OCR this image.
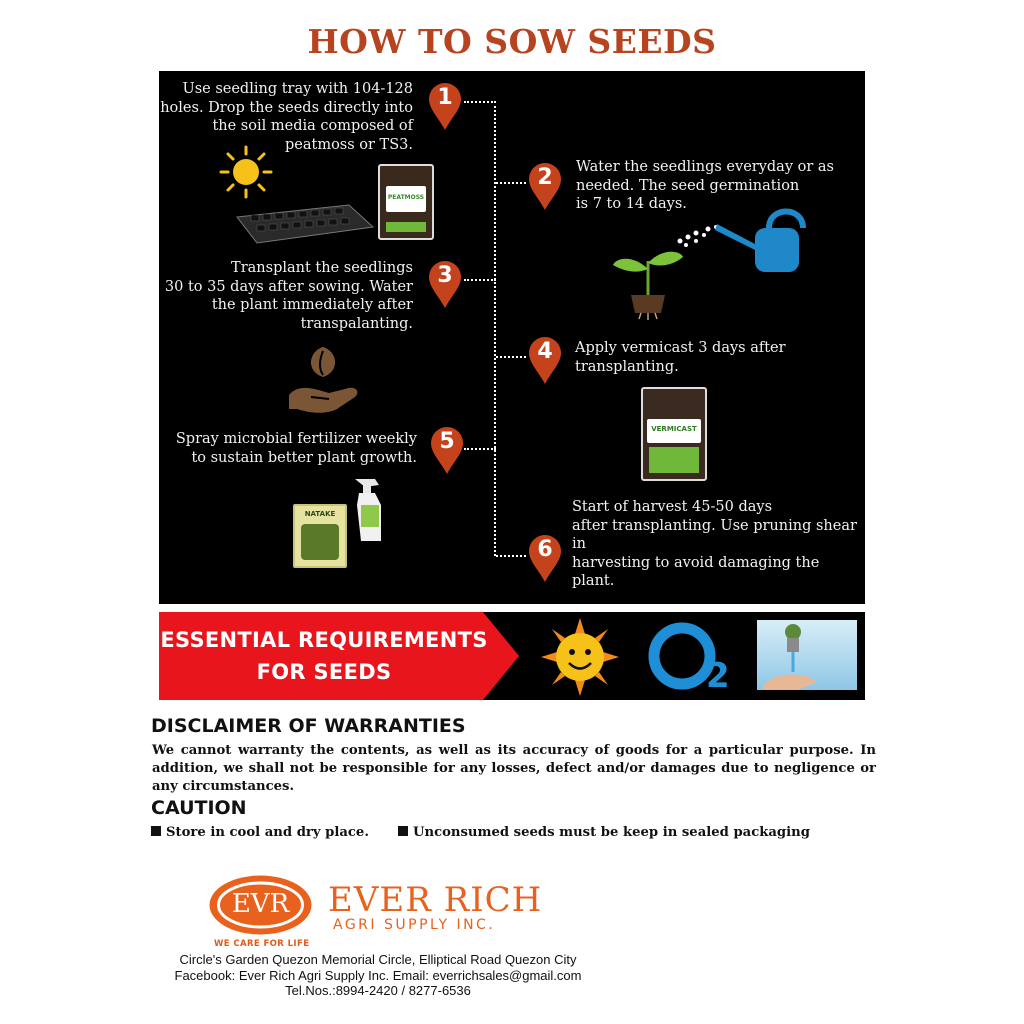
HOW TO SOW SEEDS
Use seedling tray with 104-128
holes. Drop the seeds directly into
the soil media composed of
peatmoss or TS3.
Water the seedlings everyday or as
needed. The seed germination
is 7 to 14 days.
Transplant the seedlings
30 to 35 days after sowing. Water
the plant immediately after
transpalanting.
Apply vermicast 3 days after
transplanting.
Spray microbial fertilizer weekly
to sustain better plant growth.
Start of harvest 45-50 days
after transplanting. Use pruning shear in
harvesting to avoid damaging the plant.
1
2
3
4
5
6
PEATMOSS
VERMICAST
NATAKE
ESSENTIAL REQUIREMENTS
FOR SEEDS	2
DISCLAIMER OF WARRANTIES
We cannot warranty the contents, as well as its accuracy of goods for a particular purpose. In addition, we shall not be responsible for any losses, defect and/or damages due to negligence or any circumstances.
CAUTION
Store in cool and dry place.	Unconsumed seeds must be keep in sealed packaging
EVR
WE CARE FOR LIFE
EVER RICH
AGRI SUPPLY INC.
Circle's Garden Quezon Memorial Circle, Elliptical Road Quezon City
Facebook: Ever Rich Agri Supply Inc. Email: everrichsales@gmail.com
Tel.Nos.:8994-2420 / 8277-6536
